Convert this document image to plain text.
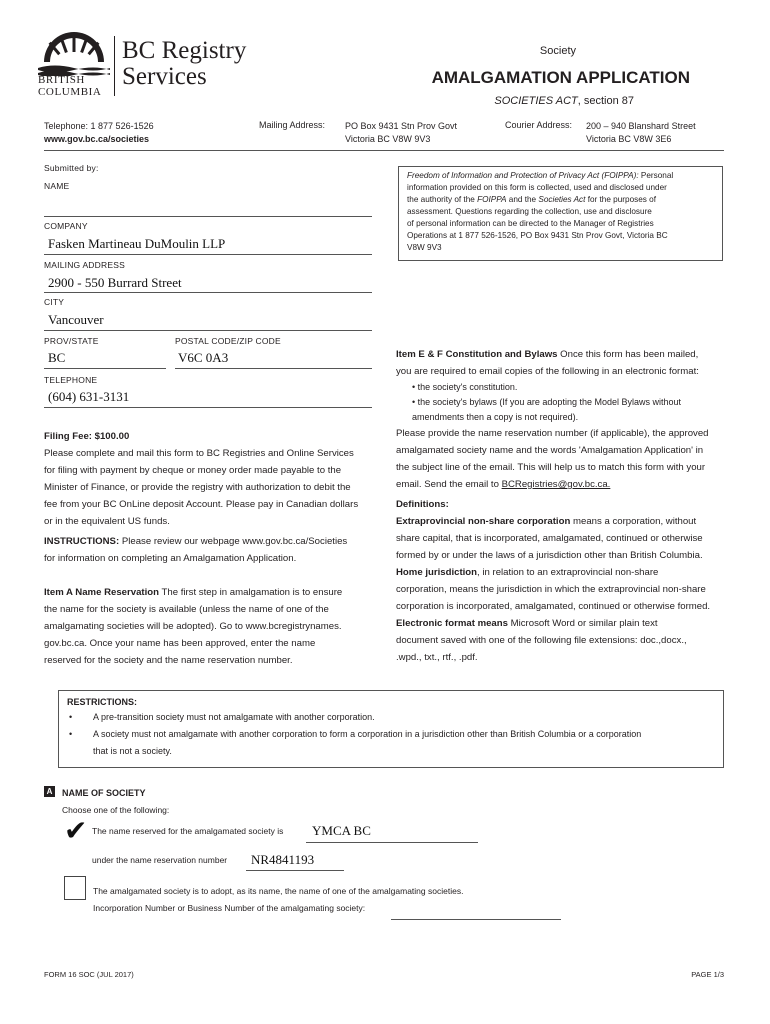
BRITISH
COLUMBIA
BC Registry
Services
Society
AMALGAMATION APPLICATION
SOCIETIES ACT, section 87
Telephone: 1 877 526-1526
www.gov.bc.ca/societies
Mailing Address: PO Box 9431 Stn Prov Govt
Victoria BC V8W 9V3
Courier Address: 200 – 940 Blanshard Street
Victoria BC V8W 3E6
Submitted by:
NAME
COMPANY
Fasken Martineau DuMoulin LLP
MAILING ADDRESS
2900 - 550 Burrard Street
CITY
Vancouver
PROV/STATE	POSTAL CODE/ZIP CODE
BC	V6C 0A3
TELEPHONE
(604) 631-3131
Freedom of Information and Protection of Privacy Act (FOIPPA): Personal
information provided on this form is collected, used and disclosed under
the authority of the FOIPPA and the Societies Act for the purposes of
assessment. Questions regarding the collection, use and disclosure
of personal information can be directed to the Manager of Registries
Operations at 1 877 526-1526, PO Box 9431 Stn Prov Govt, Victoria BC
V8W 9V3
Filing Fee: $100.00
Please complete and mail this form to BC Registries and Online Services
for filing with payment by cheque or money order made payable to the
Minister of Finance, or provide the registry with authorization to debit the
fee from your BC OnLine deposit Account. Please pay in Canadian dollars
or in the equivalent US funds.
INSTRUCTIONS: Please review our webpage www.gov.bc.ca/Societies
for information on completing an Amalgamation Application.
Item A Name Reservation The first step in amalgamation is to ensure
the name for the society is available (unless the name of one of the
amalgamating societies will be adopted). Go to www.bcregistrynames.
gov.bc.ca. Once your name has been approved, enter the name
reserved for the society and the name reservation number.
Item E & F Constitution and Bylaws Once this form has been mailed,
you are required to email copies of the following in an electronic format:
• the society's constitution.
• the society's bylaws (If you are adopting the Model Bylaws without
amendments then a copy is not required).
Please provide the name reservation number (if applicable), the approved
amalgamated society name and the words 'Amalgamation Application' in
the subject line of the email. This will help us to match this form with your
email. Send the email to BCRegistries@gov.bc.ca.
Definitions:
Extraprovincial non-share corporation means a corporation, without
share capital, that is incorporated, amalgamated, continued or otherwise
formed by or under the laws of a jurisdiction other than British Columbia.
Home jurisdiction, in relation to an extraprovincial non-share
corporation, means the jurisdiction in which the extraprovincial non-share
corporation is incorporated, amalgamated, continued or otherwise formed.
Electronic format means Microsoft Word or similar plain text
document saved with one of the following file extensions: doc.,docx.,
.wpd., txt., rtf., .pdf.
RESTRICTIONS:
• A pre-transition society must not amalgamate with another corporation.
• A society must not amalgamate with another corporation to form a corporation in a jurisdiction other than British Columbia or a corporation
that is not a society.
A NAME OF SOCIETY
Choose one of the following:
✔ The name reserved for the amalgamated society is YMCA BC
under the name reservation number NR4841193
The amalgamated society is to adopt, as its name, the name of one of the amalgamating societies.
Incorporation Number or Business Number of the amalgamating society:
FORM 16 SOC (JUL 2017)	PAGE 1/3
